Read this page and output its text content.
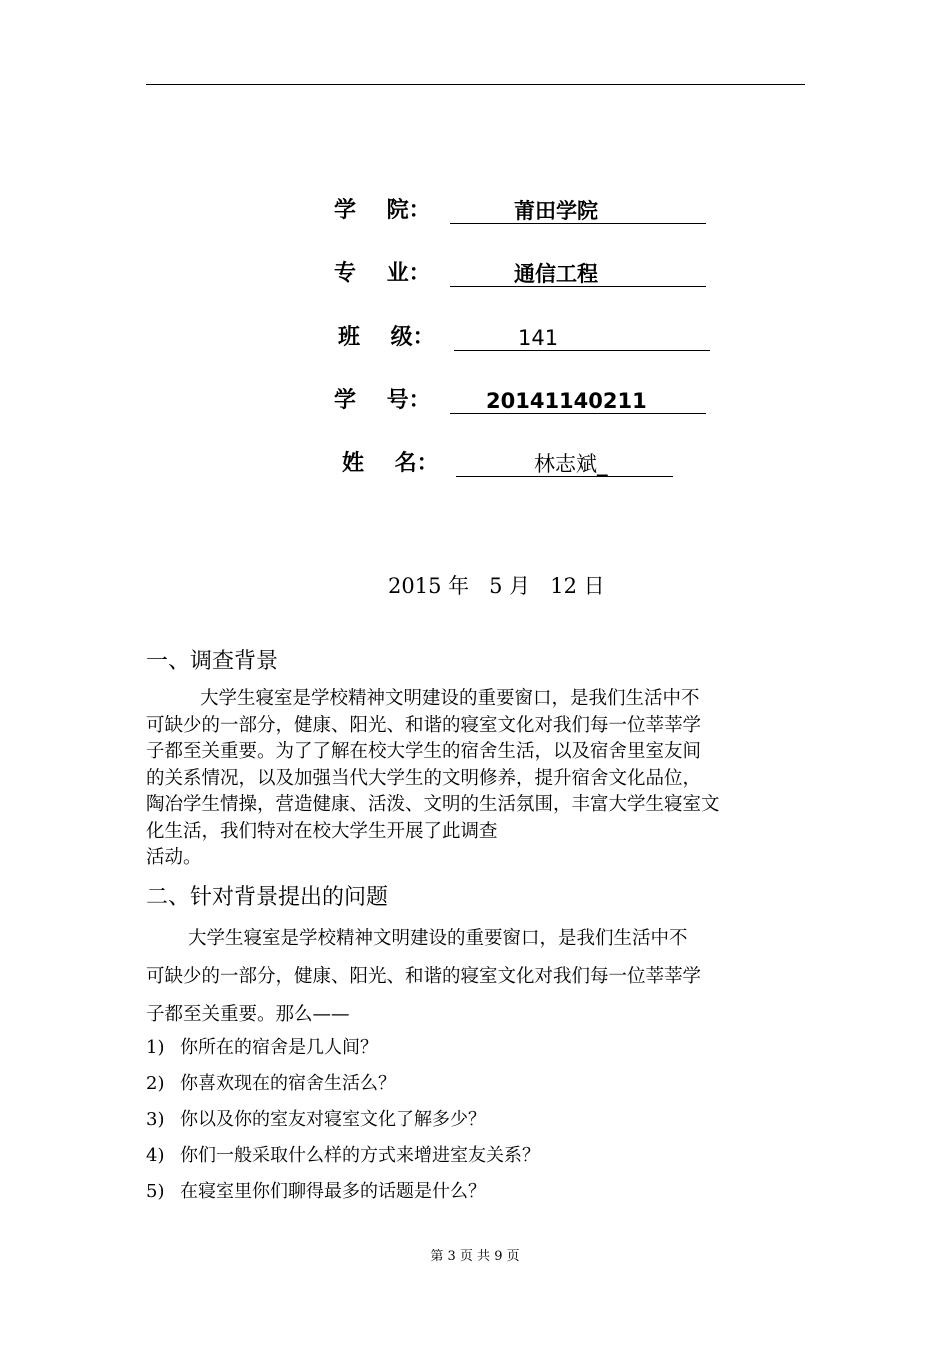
学    院：	莆田学院
专    业：	通信工程
班    级：	141
学    号：	20141140211
姓    名：	林志斌_
2015 年   5 月   12 日
一、调查背景
大学生寝室是学校精神文明建设的重要窗口，是我们生活中不
可缺少的一部分，健康、阳光、和谐的寝室文化对我们每一位莘莘学
子都至关重要。为了了解在校大学生的宿舍生活，以及宿舍里室友间
的关系情况，以及加强当代大学生的文明修养，提升宿舍文化品位，
陶冶学生情操，营造健康、活泼、文明的生活氛围，丰富大学生寝室文
化生活，我们特对在校大学生开展了此调查
活动。
二、针对背景提出的问题
大学生寝室是学校精神文明建设的重要窗口，是我们生活中不
可缺少的一部分，健康、阳光、和谐的寝室文化对我们每一位莘莘学
子都至关重要。那么——
1) 你所在的宿舍是几人间？
2) 你喜欢现在的宿舍生活么？
3) 你以及你的室友对寝室文化了解多少？
4) 你们一般采取什么样的方式来增进室友关系？
5) 在寝室里你们聊得最多的话题是什么？
第 3 页 共 9 页
